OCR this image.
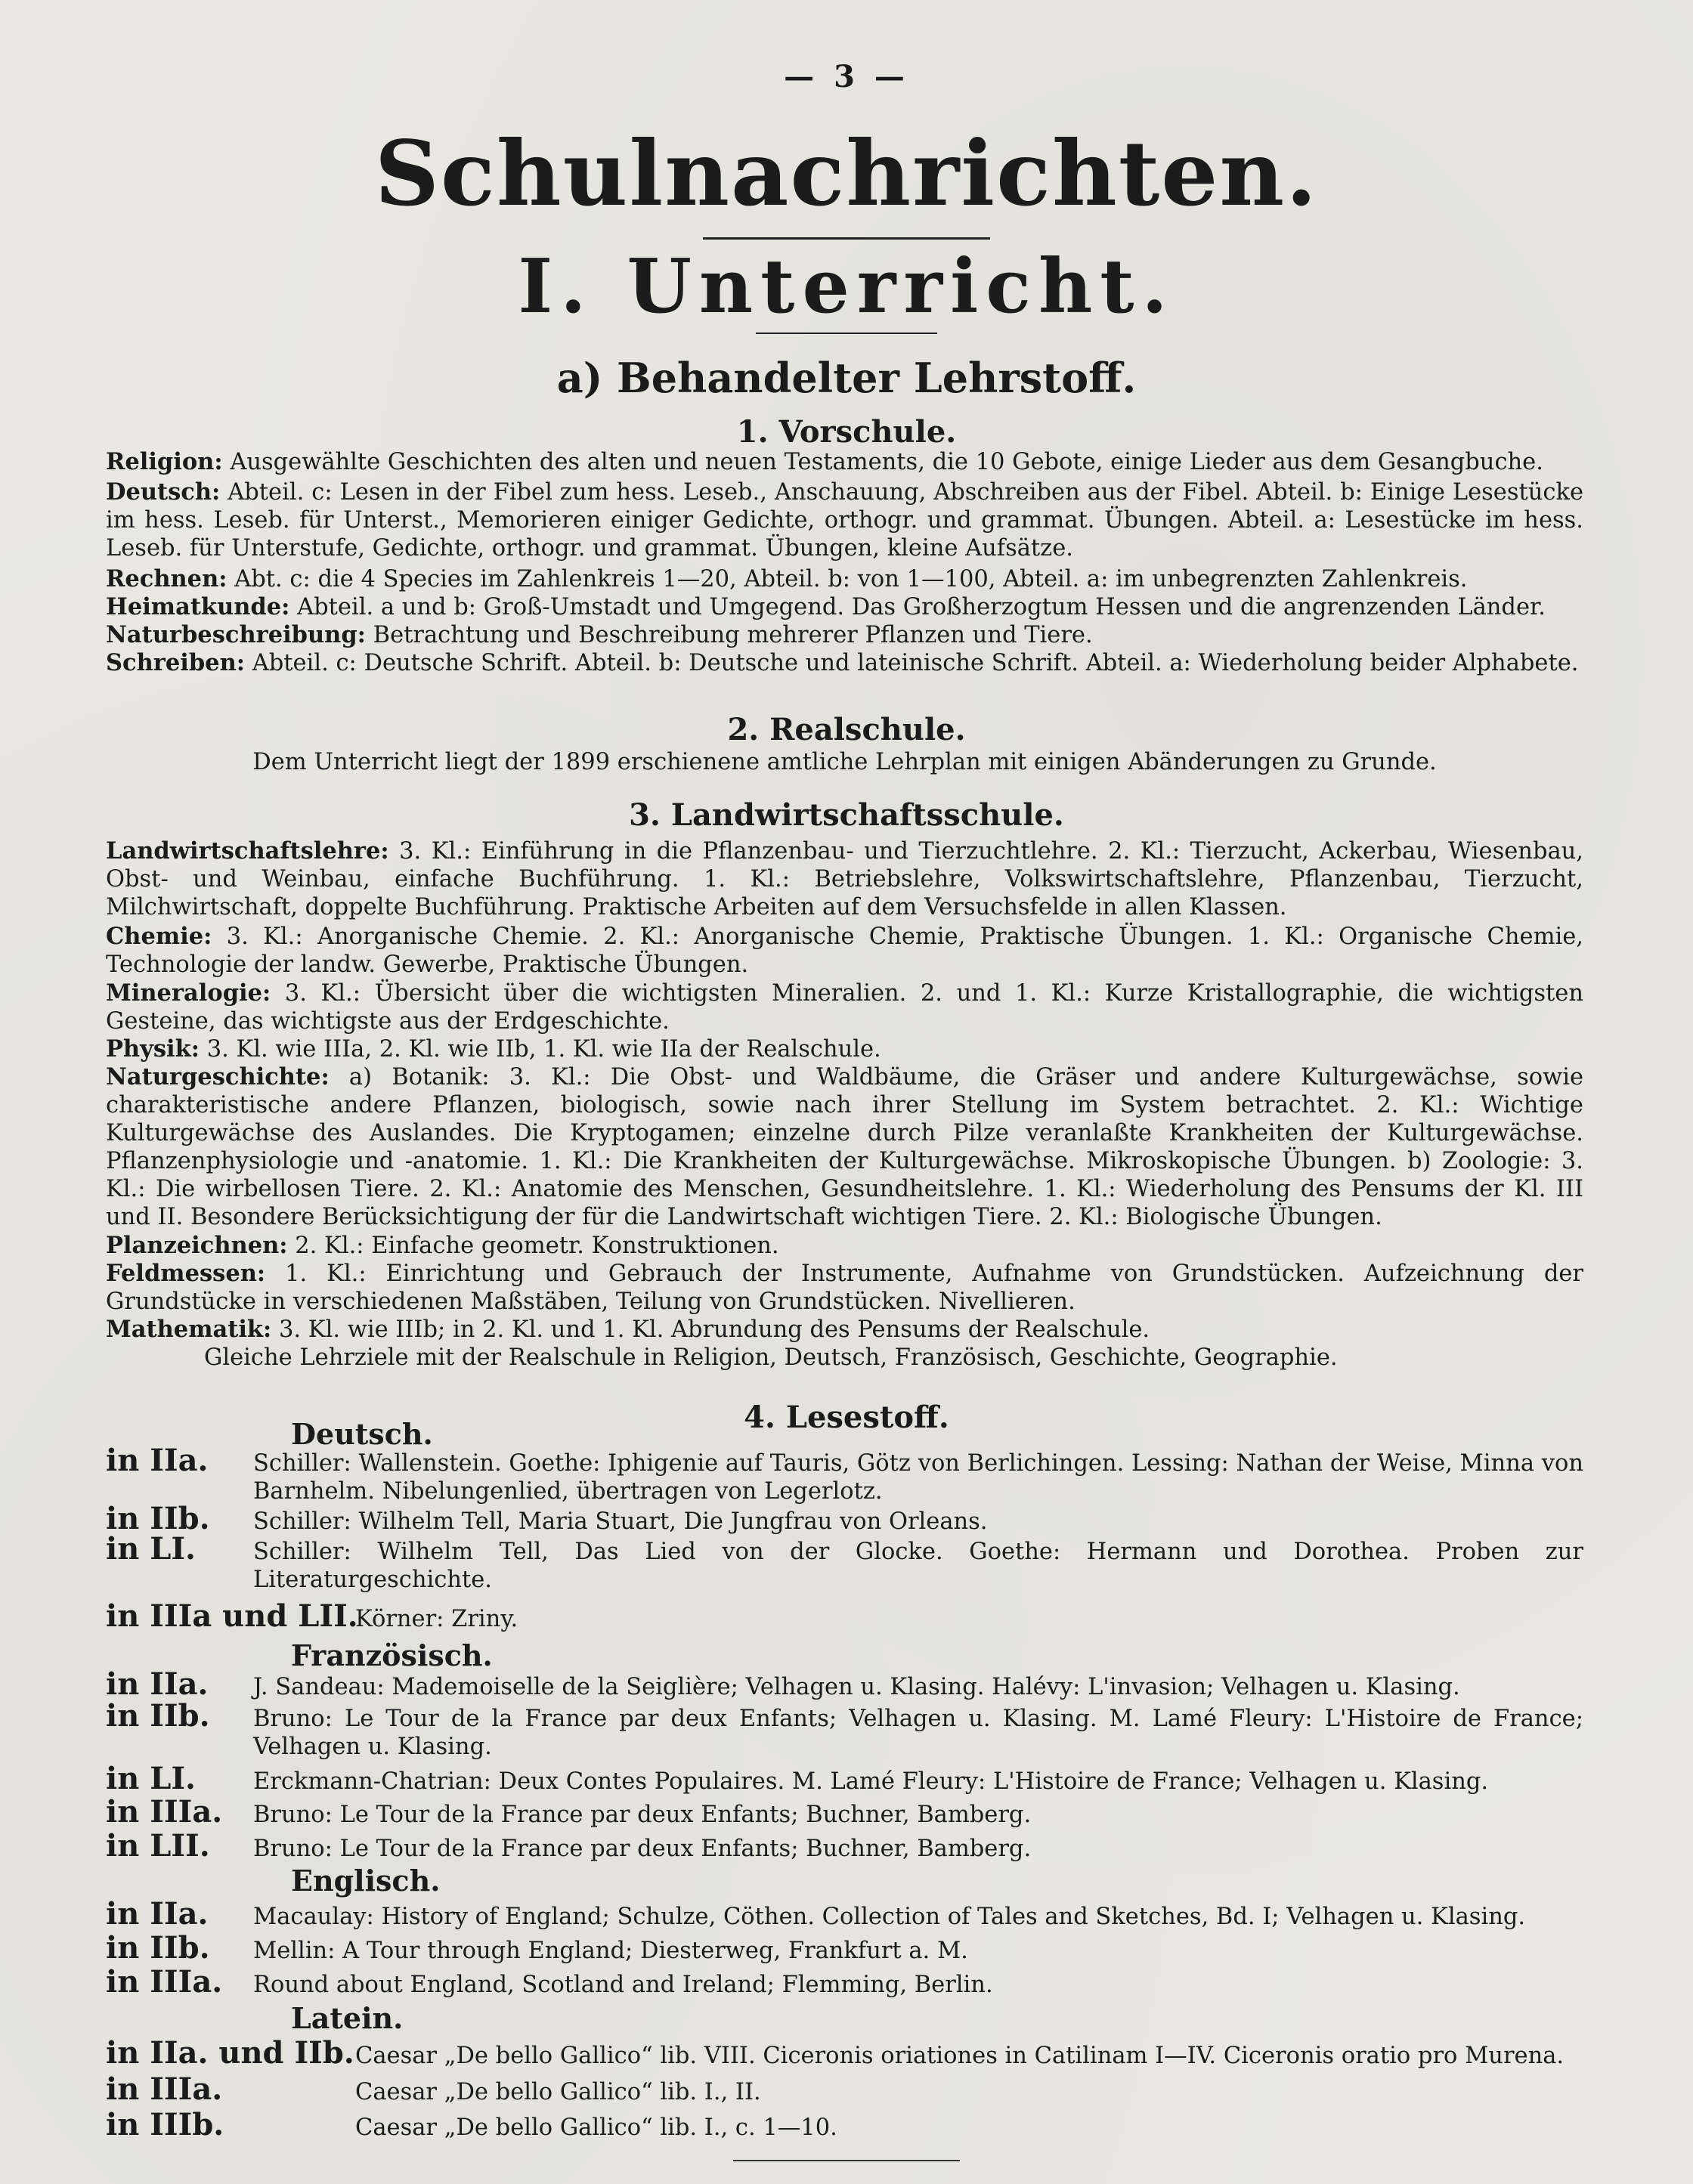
— 3 —
Schulnachrichten.
I. Unterricht.
a) Behandelter Lehrstoff.
1. Vorschule.
Religion: Ausgewählte Geschichten des alten und neuen Testaments, die 10 Gebote, einige Lieder aus dem Gesangbuche.
Deutsch: Abteil. c: Lesen in der Fibel zum hess. Leseb., Anschauung, Abschreiben aus der Fibel. Abteil. b: Einige Lesestücke im hess. Leseb. für Unterst., Memorieren einiger Gedichte, orthogr. und grammat. Übungen. Abteil. a: Lesestücke im hess. Leseb. für Unterstufe, Gedichte, orthogr. und grammat. Übungen, kleine Aufsätze.
Rechnen: Abt. c: die 4 Species im Zahlenkreis 1—20, Abteil. b: von 1—100, Abteil. a: im unbegrenzten Zahlenkreis.
Heimatkunde: Abteil. a und b: Groß-Umstadt und Umgegend. Das Großherzogtum Hessen und die angrenzenden Länder.
Naturbeschreibung: Betrachtung und Beschreibung mehrerer Pflanzen und Tiere.
Schreiben: Abteil. c: Deutsche Schrift. Abteil. b: Deutsche und lateinische Schrift. Abteil. a: Wiederholung beider Alphabete.
2. Realschule.
Dem Unterricht liegt der 1899 erschienene amtliche Lehrplan mit einigen Abänderungen zu Grunde.
3. Landwirtschaftsschule.
Landwirtschaftslehre: 3. Kl.: Einführung in die Pflanzenbau- und Tierzuchtlehre. 2. Kl.: Tierzucht, Ackerbau, Wiesenbau, Obst- und Weinbau, einfache Buchführung. 1. Kl.: Betriebslehre, Volkswirtschaftslehre, Pflanzenbau, Tierzucht, Milchwirtschaft, doppelte Buchführung. Praktische Arbeiten auf dem Versuchsfelde in allen Klassen.
Chemie: 3. Kl.: Anorganische Chemie. 2. Kl.: Anorganische Chemie, Praktische Übungen. 1. Kl.: Organische Chemie, Technologie der landw. Gewerbe, Praktische Übungen.
Mineralogie: 3. Kl.: Übersicht über die wichtigsten Mineralien. 2. und 1. Kl.: Kurze Kristallographie, die wichtigsten Gesteine, das wichtigste aus der Erdgeschichte.
Physik: 3. Kl. wie IIIa, 2. Kl. wie IIb, 1. Kl. wie IIa der Realschule.
Naturgeschichte: a) Botanik: 3. Kl.: Die Obst- und Waldbäume, die Gräser und andere Kulturgewächse, sowie charakteristische andere Pflanzen, biologisch, sowie nach ihrer Stellung im System betrachtet. 2. Kl.: Wichtige Kulturgewächse des Auslandes. Die Kryptogamen; einzelne durch Pilze veranlaßte Krankheiten der Kulturgewächse. Pflanzenphysiologie und -anatomie. 1. Kl.: Die Krankheiten der Kulturgewächse. Mikroskopische Übungen. b) Zoologie: 3. Kl.: Die wirbellosen Tiere. 2. Kl.: Anatomie des Menschen, Gesundheitslehre. 1. Kl.: Wiederholung des Pensums der Kl. III und II. Besondere Berücksichtigung der für die Landwirtschaft wichtigen Tiere. 2. Kl.: Biologische Übungen.
Planzeichnen: 2. Kl.: Einfache geometr. Konstruktionen.
Feldmessen: 1. Kl.: Einrichtung und Gebrauch der Instrumente, Aufnahme von Grundstücken. Aufzeichnung der Grundstücke in verschiedenen Maßstäben, Teilung von Grundstücken. Nivellieren.
Mathematik: 3. Kl. wie IIIb; in 2. Kl. und 1. Kl. Abrundung des Pensums der Realschule.
Gleiche Lehrziele mit der Realschule in Religion, Deutsch, Französisch, Geschichte, Geographie.
4. Lesestoff.
Deutsch.
in IIa. Schiller: Wallenstein. Goethe: Iphigenie auf Tauris, Götz von Berlichingen. Lessing: Nathan der Weise, Minna von Barnhelm. Nibelungenlied, übertragen von Legerlotz.
in IIb. Schiller: Wilhelm Tell, Maria Stuart, Die Jungfrau von Orleans.
in LI. Schiller: Wilhelm Tell, Das Lied von der Glocke. Goethe: Hermann und Dorothea. Proben zur Literaturgeschichte.
in IIIa und LII.
Körner: Zriny.
Französisch.
in IIa. J. Sandeau: Mademoiselle de la Seiglière; Velhagen u. Klasing. Halévy: L'invasion; Velhagen u. Klasing.
in IIb. Bruno: Le Tour de la France par deux Enfants; Velhagen u. Klasing. M. Lamé Fleury: L'Histoire de France; Velhagen u. Klasing.
in LI. Erckmann-Chatrian: Deux Contes Populaires. M. Lamé Fleury: L'Histoire de France; Velhagen u. Klasing.
in IIIa. Bruno: Le Tour de la France par deux Enfants; Buchner, Bamberg.
in LII. Bruno: Le Tour de la France par deux Enfants; Buchner, Bamberg.
Englisch.
in IIa. Macaulay: History of England; Schulze, Cöthen. Collection of Tales and Sketches, Bd. I; Velhagen u. Klasing.
in IIb. Mellin: A Tour through England; Diesterweg, Frankfurt a. M.
in IIIa. Round about England, Scotland and Ireland; Flemming, Berlin.
Latein.
in IIa. und IIb. Caesar „De bello Gallico“ lib. VIII. Ciceronis oriationes in Catilinam I—IV. Ciceronis oratio pro Murena.
in IIIa.	Caesar „De bello Gallico“ lib. I., II.
in IIIb.	Caesar „De bello Gallico“ lib. I., c. 1—10.
